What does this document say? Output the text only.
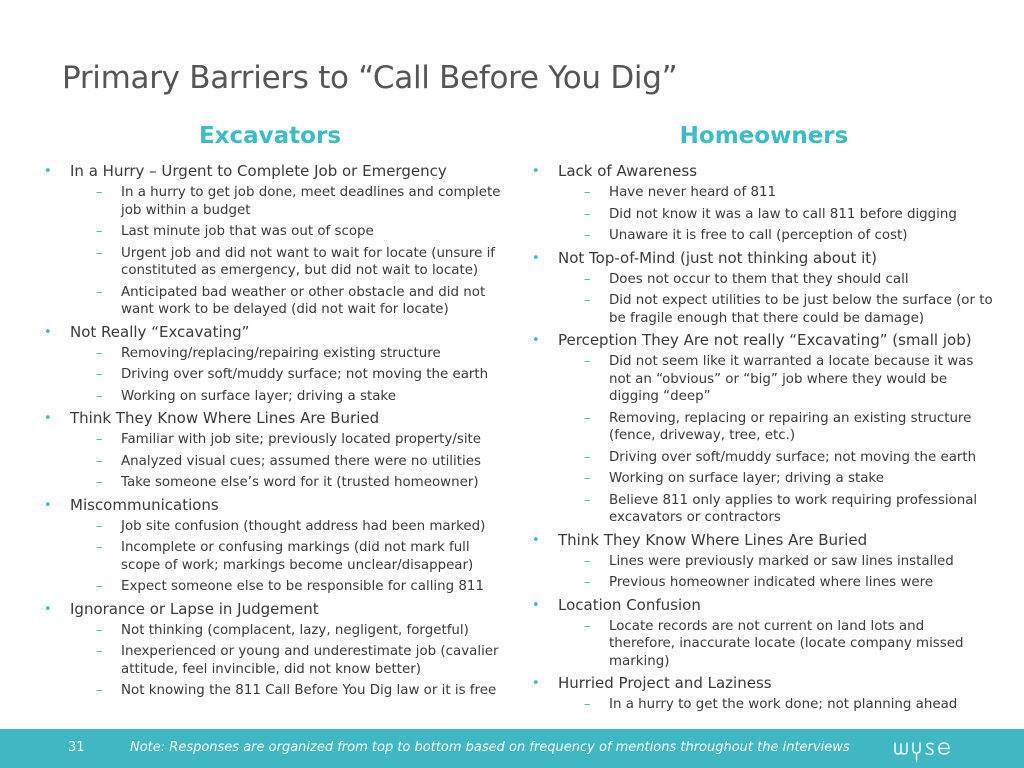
Primary Barriers to “Call Before You Dig”
Excavators	Homeowners
• In a Hurry – Urgent to Complete Job or Emergency
– In a hurry to get job done, meet deadlines and complete job within a budget
– Last minute job that was out of scope
– Urgent job and did not want to wait for locate (unsure if constituted as emergency, but did not wait to locate)
– Anticipated bad weather or other obstacle and did not want work to be delayed (did not wait for locate)
• Not Really “Excavating”
– Removing/replacing/repairing existing structure
– Driving over soft/muddy surface; not moving the earth
– Working on surface layer; driving a stake
• Think They Know Where Lines Are Buried
– Familiar with job site; previously located property/site
– Analyzed visual cues; assumed there were no utilities
– Take someone else’s word for it (trusted homeowner)
• Miscommunications
– Job site confusion (thought address had been marked)
– Incomplete or confusing markings (did not mark full scope of work; markings become unclear/disappear)
– Expect someone else to be responsible for calling 811
• Ignorance or Lapse in Judgement
– Not thinking (complacent, lazy, negligent, forgetful)
– Inexperienced or young and underestimate job (cavalier attitude, feel invincible, did not know better)
– Not knowing the 811 Call Before You Dig law or it is free
• Lack of Awareness
– Have never heard of 811
– Did not know it was a law to call 811 before digging
– Unaware it is free to call (perception of cost)
• Not Top-of-Mind (just not thinking about it)
– Does not occur to them that they should call
– Did not expect utilities to be just below the surface (or to be fragile enough that there could be damage)
• Perception They Are not really “Excavating” (small job)
– Did not seem like it warranted a locate because it was not an “obvious” or “big” job where they would be digging “deep”
– Removing, replacing or repairing an existing structure (fence, driveway, tree, etc.)
– Driving over soft/muddy surface; not moving the earth
– Working on surface layer; driving a stake
– Believe 811 only applies to work requiring professional excavators or contractors
• Think They Know Where Lines Are Buried
– Lines were previously marked or saw lines installed
– Previous homeowner indicated where lines were
• Location Confusion
– Locate records are not current on land lots and therefore, inaccurate locate (locate company missed marking)
• Hurried Project and Laziness
– In a hurry to get the work done; not planning ahead
31	Note: Responses are organized from top to bottom based on frequency of mentions throughout the interviews
